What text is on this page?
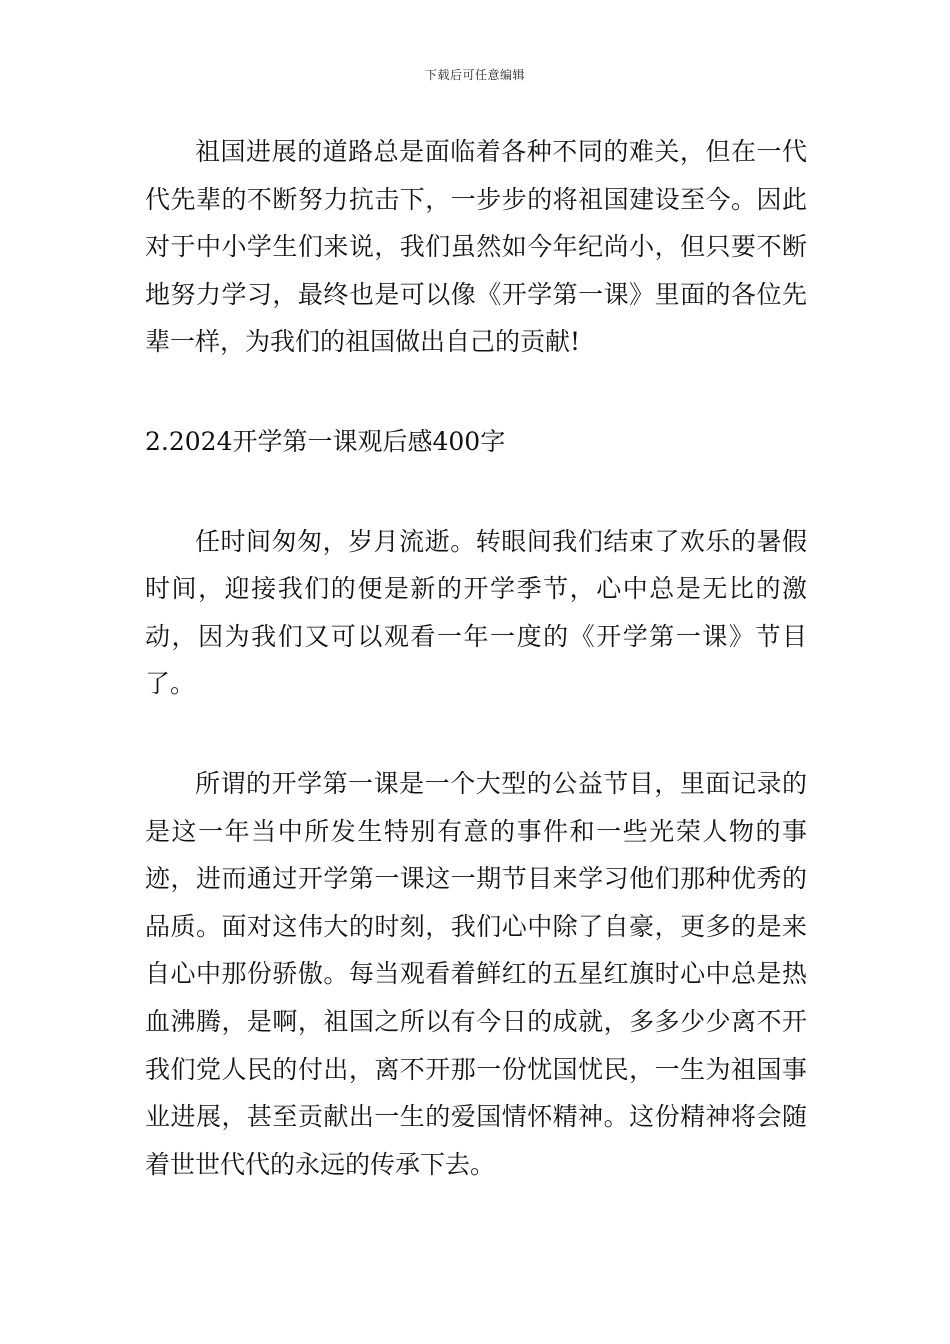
下载后可任意编辑

祖国进展的道路总是面临着各种不同的难关，但在一代代先辈的不断努力抗击下，一步步的将祖国建设至今。因此对于中小学生们来说，我们虽然如今年纪尚小，但只要不断地努力学习，最终也是可以像《开学第一课》里面的各位先辈一样，为我们的祖国做出自己的贡献!

2.2024开学第一课观后感400字

任时间匆匆，岁月流逝。转眼间我们结束了欢乐的暑假时间，迎接我们的便是新的开学季节，心中总是无比的激动，因为我们又可以观看一年一度的《开学第一课》节目了。

所谓的开学第一课是一个大型的公益节目，里面记录的是这一年当中所发生特别有意的事件和一些光荣人物的事迹，进而通过开学第一课这一期节目来学习他们那种优秀的品质。面对这伟大的时刻，我们心中除了自豪，更多的是来自心中那份骄傲。每当观看着鲜红的五星红旗时心中总是热血沸腾，是啊，祖国之所以有今日的成就，多多少少离不开我们党人民的付出，离不开那一份忧国忧民，一生为祖国事业进展，甚至贡献出一生的爱国情怀精神。这份精神将会随着世世代代的永远的传承下去。
